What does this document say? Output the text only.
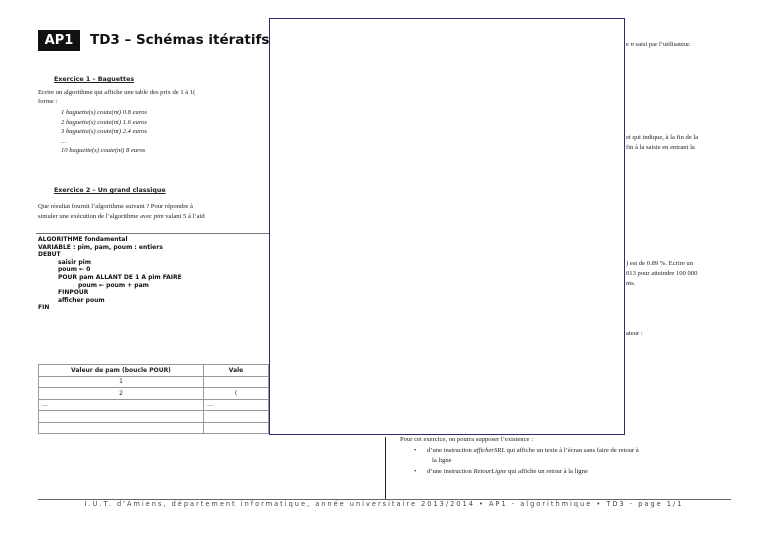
AP1	TD3 – Schémas itératifs
Exercice 1 – Baguettes
Ecrire un algorithme qui affiche une table des prix de 1 à 1(
forme :
1 baguette(s) coute(nt) 0.8 euros
2 baguette(s) coute(nt) 1.6 euros
3 baguette(s) coute(nt) 2.4 euros
…
10 baguette(s) coute(nt) 8 euros
Exercice 2 – Un grand classique
Que résultat fournit l’algorithme suivant ? Pour répondre à
simuler une exécution de l’algorithme avec pim valant 5 à l’aid
ALGORITHME fondamental
VARIABLE : pim, pam, poum : entiers
DEBUT
saisir pim
poum ← 0
POUR pam ALLANT DE 1 A pim FAIRE
poum ← poum + pam
FINPOUR
afficher poum
FIN
Valeur de pam (boucle POUR)	Vale
1	
2	(
…	…

e n saisi par l’utilisateur.
et qui indique, à la fin de la
fin à la saisie en entrant la
) est de 0.89 %. Ecrire un
013 pour atteindre 100 000
nts.
ateur :
Pour cet exercice, on pourra supposer l’existence :
• d’une instruction afficherSRL qui affiche un texte à l’écran sans faire de retour à
la ligne
• d’une instruction RetourLigne qui affiche un retour à la ligne
I.U.T. d'Amiens, département informatique, année universitaire 2013/2014 • AP1 - algorithmique • TD3 - page 1/1
